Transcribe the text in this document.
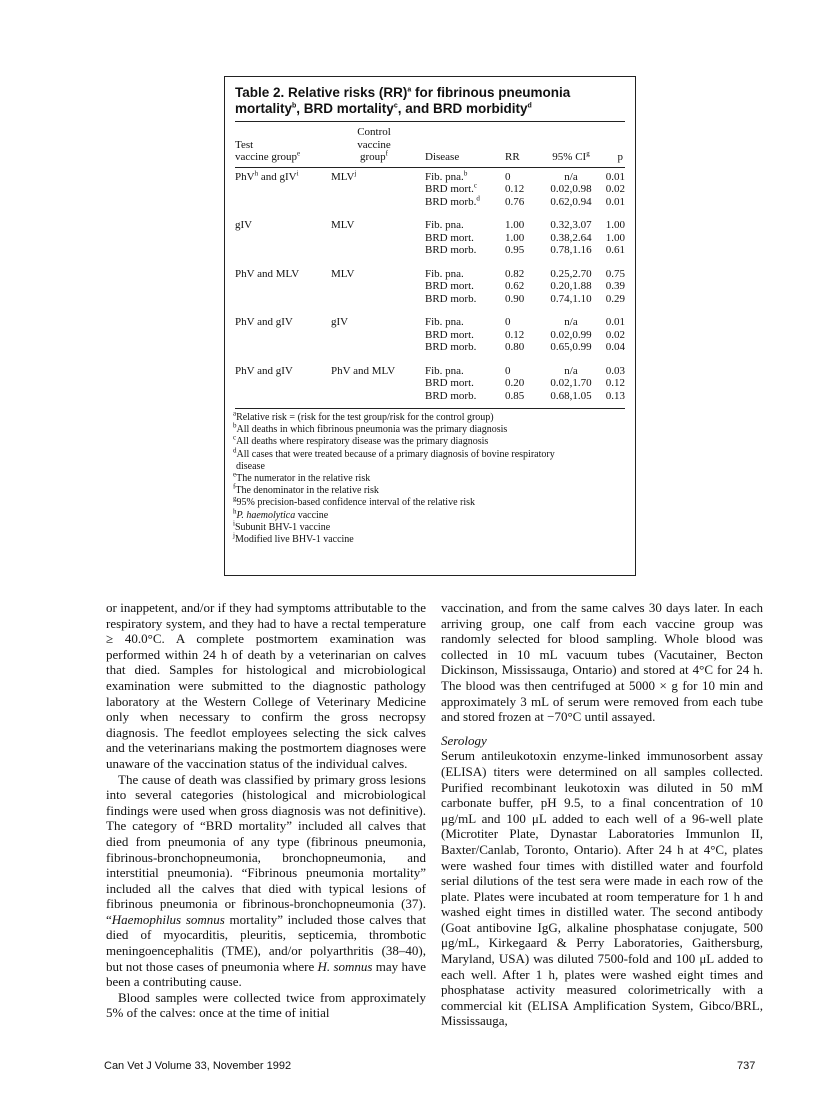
Table 2. Relative risks (RR)$^a$ for fibrinous pneumonia
mortality$^b$, BRD mortality$^c$, and BRD morbidity$^d$
Test
vaccine group$^e$	Control
vaccine
group$^f$	Disease	RR	95% $CI^g$	p

PhV$^h$ and gIV$^i$	MLV$^j$	Fib. pna.$^b$	0	n/a	0.01
		BRD mort.$^c$	0.12	0.02,0.98	0.02
		BRD morb.$^d$	0.76	0.62,0.94	0.01

gIV	MLV	Fib. pna.	1.00	0.32,3.07	1.00
		BRD mort.	1.00	0.38,2.64	1.00
		BRD morb.	0.95	0.78,1.16	0.61

PhV and MLV	MLV	Fib. pna.	0.82	0.25,2.70	0.75
		BRD mort.	0.62	0.20,1.88	0.39
		BRD morb.	0.90	0.74,1.10	0.29

PhV and gIV	gIV	Fib. pna.	0	n/a	0.01
		BRD mort.	0.12	0.02,0.99	0.02
		BRD morb.	0.80	0.65,0.99	0.04

PhV and gIV	PhV and MLV	Fib. pna.	0	n/a	0.03
		BRD mort.	0.20	0.02,1.70	0.12
		BRD morb.	0.85	0.68,1.05	0.13
$^a$Relative risk = (risk for the test group/risk for the control group)
$^b$All deaths in which fibrinous pneumonia was the primary diagnosis
$^c$All deaths where respiratory disease was the primary diagnosis
$^d$All cases that were treated because of a primary diagnosis of bovine respiratory
disease
$^e$The numerator in the relative risk
$^f$The denominator in the relative risk
$^g$95% precision-based confidence interval of the relative risk
$^h$P. haemolytica vaccine
$^i$Subunit BHV-1 vaccine
$^j$Modified live BHV-1 vaccine

or inappetent, and/or if they had symptoms attributable to the respiratory system, and they had to have a rectal temperature ≥ 40.0°C. A complete postmortem examination was performed within 24 h of death by a veterinarian on calves that died. Samples for histological and microbiological examination were submitted to the diagnostic pathology laboratory at the Western College of Veterinary Medicine only when necessary to confirm the gross necropsy diagnosis. The feedlot employees selecting the sick calves and the veterinarians making the postmortem diagnoses were unaware of the vaccination status of the individual calves.

The cause of death was classified by primary gross lesions into several categories (histological and microbiological findings were used when gross diagnosis was not definitive). The category of “BRD mortality” included all calves that died from pneumonia of any type (fibrinous pneumonia, fibrinous-bronchopneumonia, bronchopneumonia, and interstitial pneumonia). “Fibrinous pneumonia mortality” included all the calves that died with typical lesions of fibrinous pneumonia or fibrinous-bronchopneumonia (37). “Haemophilus somnus mortality” included those calves that died of myocarditis, pleuritis, septicemia, thrombotic meningoencephalitis (TME), and/or polyarthritis (38–40), but not those cases of pneumonia where H. somnus may have been a contributing cause.

Blood samples were collected twice from approximately 5% of the calves: once at the time of initial

vaccination, and from the same calves 30 days later. In each arriving group, one calf from each vaccine group was randomly selected for blood sampling. Whole blood was collected in 10 mL vacuum tubes (Vacutainer, Becton Dickinson, Mississauga, Ontario) and stored at 4°C for 24 h. The blood was then centrifuged at 5000 × g for 10 min and approximately 3 mL of serum were removed from each tube and stored frozen at −70°C until assayed.

Serology

Serum antileukotoxin enzyme-linked immunosorbent assay (ELISA) titers were determined on all samples collected. Purified recombinant leukotoxin was diluted in 50 mM carbonate buffer, pH 9.5, to a final concentration of 10 μg/mL and 100 μL added to each well of a 96-well plate (Microtiter Plate, Dynastar Laboratories Immunlon II, Baxter/Canlab, Toronto, Ontario). After 24 h at 4°C, plates were washed four times with distilled water and fourfold serial dilutions of the test sera were made in each row of the plate. Plates were incubated at room temperature for 1 h and washed eight times in distilled water. The second antibody (Goat antibovine IgG, alkaline phosphatase conjugate, 500 μg/mL, Kirkegaard & Perry Laboratories, Gaithersburg, Maryland, USA) was diluted 7500-fold and 100 μL added to each well. After 1 h, plates were washed eight times and phosphatase activity measured colorimetrically with a commercial kit (ELISA Amplification System, Gibco/BRL, Mississauga,

Can Vet J Volume 33, November 1992	737
